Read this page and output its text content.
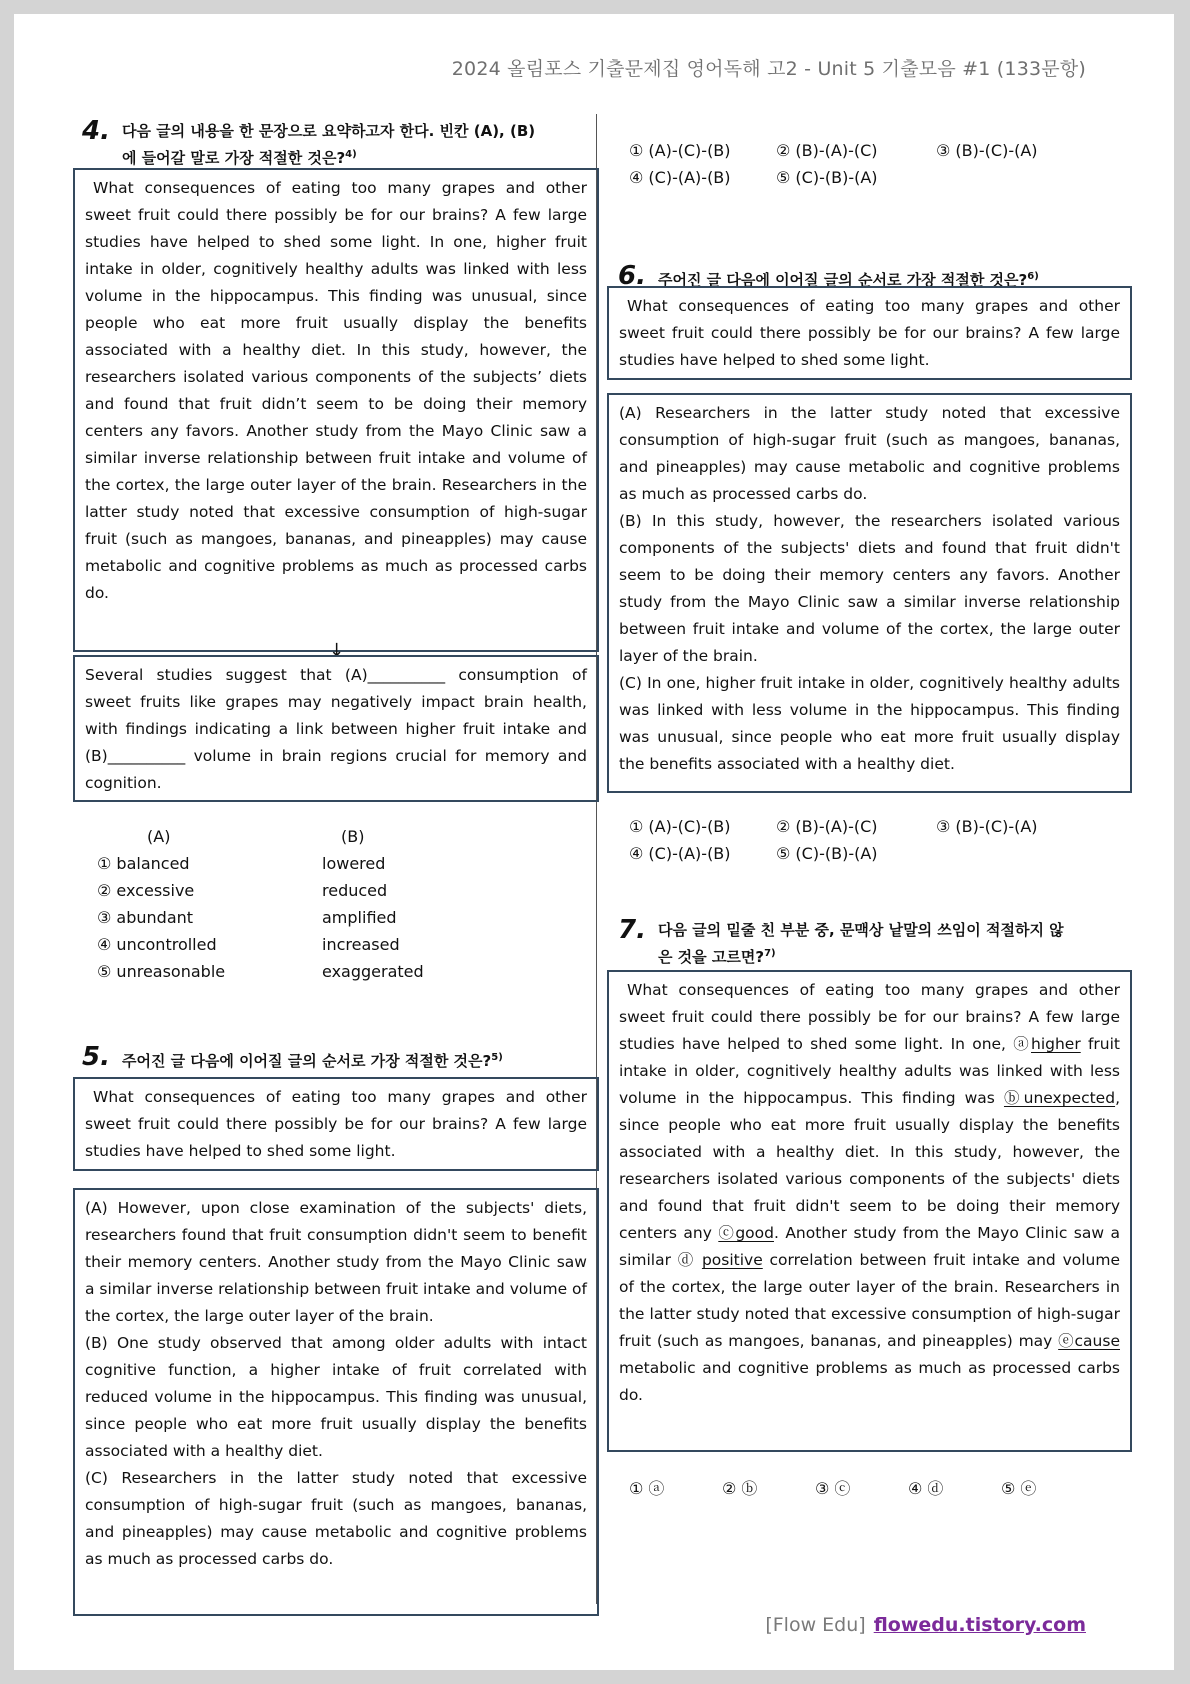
2024 올림포스 기출문제집 영어독해 고2 - Unit 5 기출모음 #1 (133문항)
4. 다음 글의 내용을 한 문장으로 요약하고자 한다. 빈칸 (A), (B)
에 들어갈 말로 가장 적절한 것은?$^{4)}$

What consequences of eating too many grapes and other sweet fruit could there possibly be for our brains? A few large studies have helped to shed some light. In one, higher fruit intake in older, cognitively healthy adults was linked with less volume in the hippocampus. This finding was unusual, since people who eat more fruit usually display the benefits associated with a healthy diet. In this study, however, the researchers isolated various components of the subjects’ diets and found that fruit didn’t seem to be doing their memory centers any favors. Another study from the Mayo Clinic saw a similar inverse relationship between fruit intake and volume of the cortex, the large outer layer of the brain. Researchers in the latter study noted that excessive consumption of high-sugar fruit (such as mangoes, bananas, and pineapples) may cause metabolic and cognitive problems as much as processed carbs do.

↓

Several studies suggest that (A)__________ consumption of sweet fruits like grapes may negatively impact brain health, with findings indicating a link between higher fruit intake and (B)__________ volume in brain regions crucial for memory and cognition.

(A)	(B)
① balanced	lowered
② excessive	reduced
③ abundant	amplified
④ uncontrolled	increased
⑤ unreasonable	exaggerated
5. 주어진 글 다음에 이어질 글의 순서로 가장 적절한 것은?$^{5)}$

What consequences of eating too many grapes and other sweet fruit could there possibly be for our brains? A few large studies have helped to shed some light.

(A) However, upon close examination of the subjects' diets, researchers found that fruit consumption didn't seem to benefit their memory centers. Another study from the Mayo Clinic saw a similar inverse relationship between fruit intake and volume of the cortex, the large outer layer of the brain.

(B) One study observed that among older adults with intact cognitive function, a higher intake of fruit correlated with reduced volume in the hippocampus. This finding was unusual, since people who eat more fruit usually display the benefits associated with a healthy diet.

(C) Researchers in the latter study noted that excessive consumption of high-sugar fruit (such as mangoes, bananas, and pineapples) may cause metabolic and cognitive problems as much as processed carbs do.

① (A)-(C)-(B)	② (B)-(A)-(C)	③ (B)-(C)-(A)
④ (C)-(A)-(B)	⑤ (C)-(B)-(A)
6. 주어진 글 다음에 이어질 글의 순서로 가장 적절한 것은?$^{6)}$

What consequences of eating too many grapes and other sweet fruit could there possibly be for our brains? A few large studies have helped to shed some light.

(A) Researchers in the latter study noted that excessive consumption of high-sugar fruit (such as mangoes, bananas, and pineapples) may cause metabolic and cognitive problems as much as processed carbs do.

(B) In this study, however, the researchers isolated various components of the subjects' diets and found that fruit didn't seem to be doing their memory centers any favors. Another study from the Mayo Clinic saw a similar inverse relationship between fruit intake and volume of the cortex, the large outer layer of the brain.

(C) In one, higher fruit intake in older, cognitively healthy adults was linked with less volume in the hippocampus. This finding was unusual, since people who eat more fruit usually display the benefits associated with a healthy diet.

① (A)-(C)-(B)	② (B)-(A)-(C)	③ (B)-(C)-(A)
④ (C)-(A)-(B)	⑤ (C)-(B)-(A)
7. 다음 글의 밑줄 친 부분 중, 문맥상 낱말의 쓰임이 적절하지 않
은 것을 고르면?$^{7)}$

What consequences of eating too many grapes and other sweet fruit could there possibly be for our brains? A few large studies have helped to shed some light. In one, ⓐhigher fruit intake in older, cognitively healthy adults was linked with less volume in the hippocampus. This finding was ⓑunexpected, since people who eat more fruit usually display the benefits associated with a healthy diet. In this study, however, the researchers isolated various components of the subjects' diets and found that fruit didn't seem to be doing their memory centers any ⓒgood. Another study from the Mayo Clinic saw a similar ⓓ positive correlation between fruit intake and volume of the cortex, the large outer layer of the brain. Researchers in the latter study noted that excessive consumption of high-sugar fruit (such as mangoes, bananas, and pineapples) may ⓔcause metabolic and cognitive problems as much as processed carbs do.

① ⓐ	② ⓑ	③ ⓒ	④ ⓓ	⑤ ⓔ
[Flow Edu] flowedu.tistory.com
